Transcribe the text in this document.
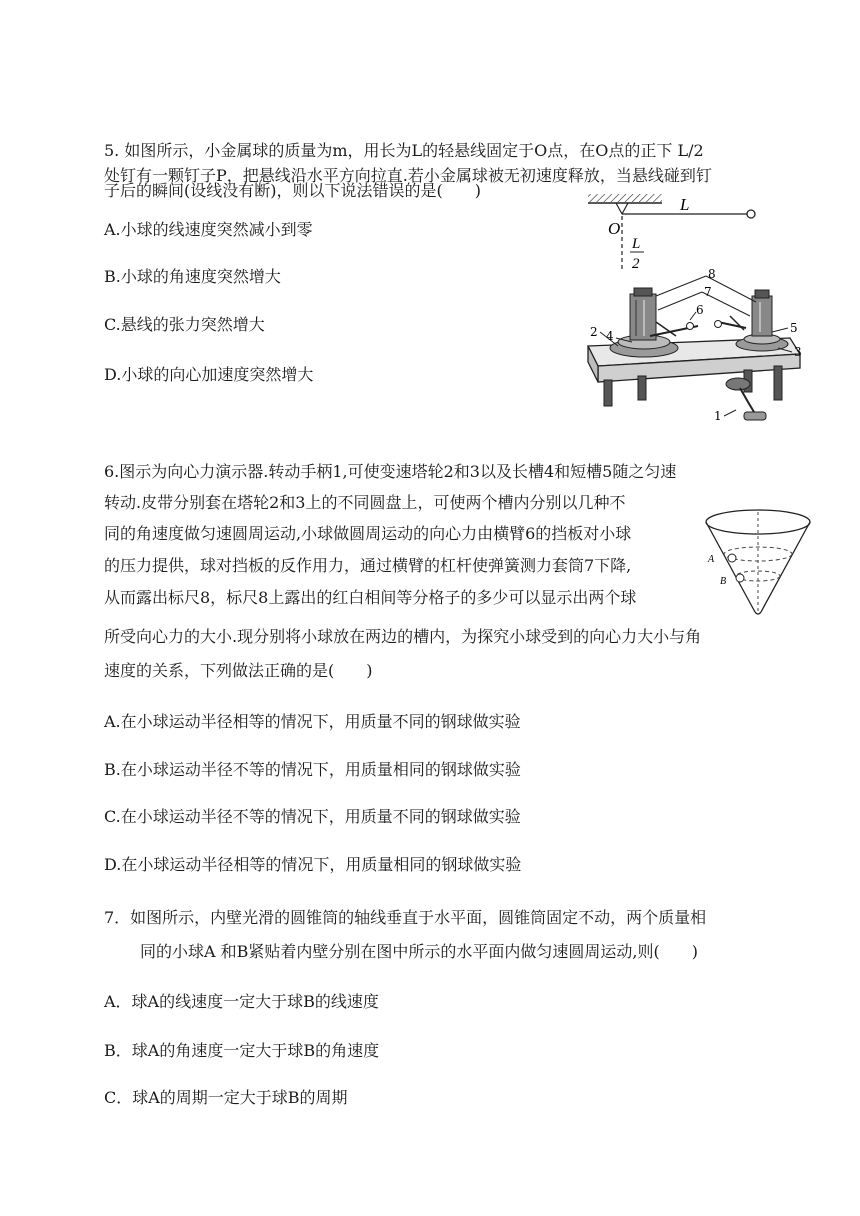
5. 如图所示，小金属球的质量为m，用长为L的轻悬线固定于O点，在O点的正下 L/2
处钉有一颗钉子P，把悬线沿水平方向拉直.若小金属球被无初速度释放，当悬线碰到钉
子后的瞬间(设线没有断)，则以下说法错误的是(　　)
A.小球的线速度突然减小到零
B.小球的角速度突然增大
C.悬线的张力突然增大
D.小球的向心加速度突然增大
L
O
L
2
8
7
6
4
2	5
3
1
6.图示为向心力演示器.转动手柄1,可使变速塔轮2和3以及长槽4和短槽5随之匀速
转动.皮带分别套在塔轮2和3上的不同圆盘上，可使两个槽内分别以几种不
同的角速度做匀速圆周运动,小球做圆周运动的向心力由横臂6的挡板对小球
的压力提供，球对挡板的反作用力，通过横臂的杠杆使弹簧测力套筒7下降,
从而露出标尺8，标尺8上露出的红白相间等分格子的多少可以显示出两个球
所受向心力的大小.现分别将小球放在两边的槽内，为探究小球受到的向心力大小与角
速度的关系，下列做法正确的是(　　)
A.在小球运动半径相等的情况下，用质量不同的钢球做实验
B.在小球运动半径不等的情况下，用质量相同的钢球做实验
C.在小球运动半径不等的情况下，用质量不同的钢球做实验
D.在小球运动半径相等的情况下，用质量相同的钢球做实验
A
B
7．如图所示，内壁光滑的圆锥筒的轴线垂直于水平面，圆锥筒固定不动，两个质量相
同的小球A 和B紧贴着内壁分别在图中所示的水平面内做匀速圆周运动,则(　　)
A．球A的线速度一定大于球B的线速度
B．球A的角速度一定大于球B的角速度
C．球A的周期一定大于球B的周期
